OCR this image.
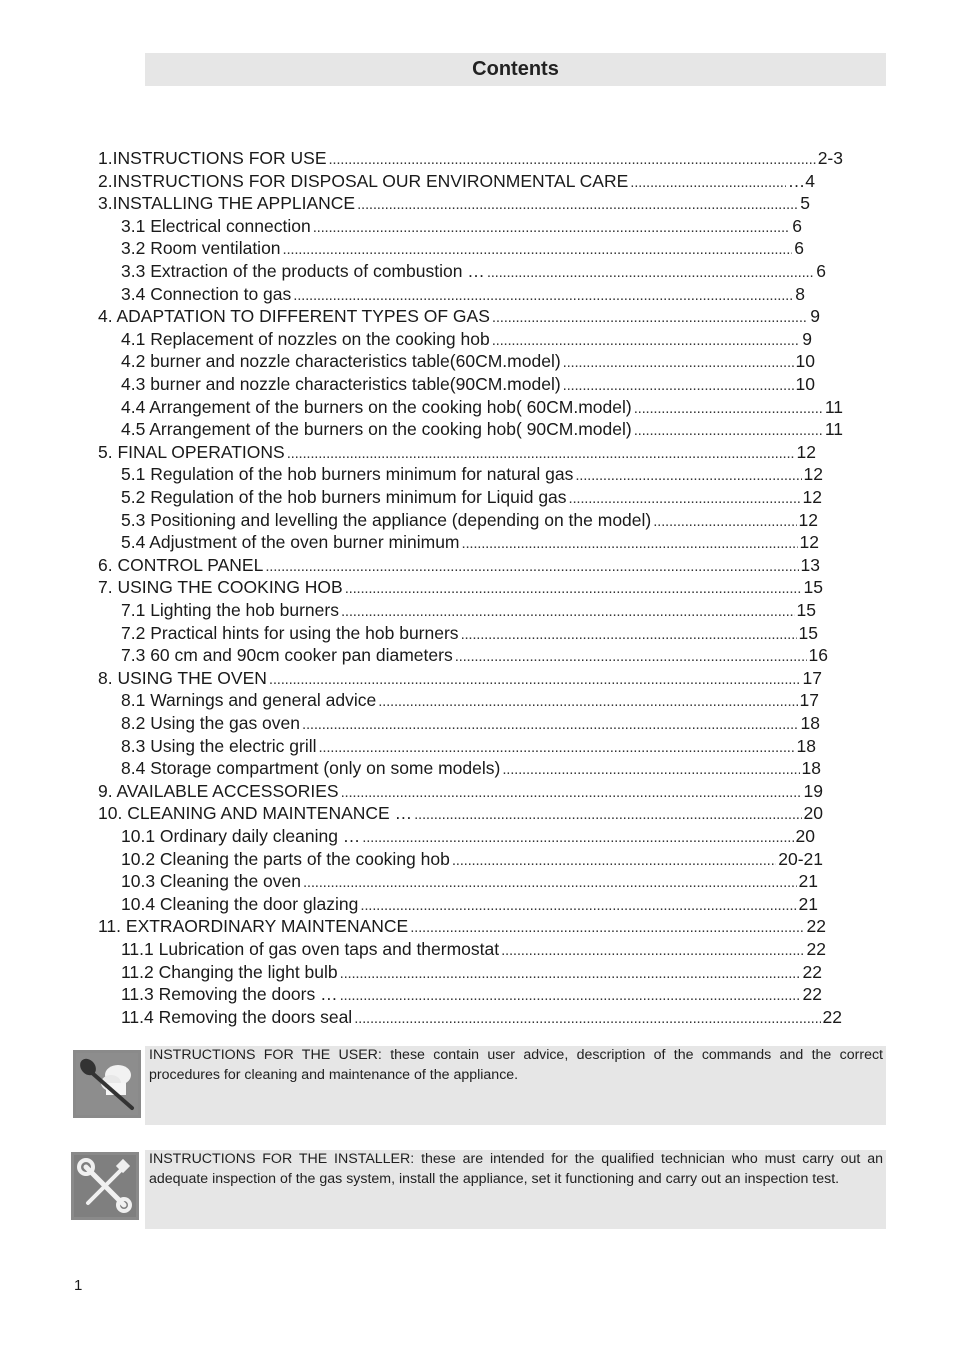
Contents
1.INSTRUCTIONS FOR USE . . .	2-3
2.INSTRUCTIONS FOR DISPOSAL OUR ENVIRONMENTAL CARE . . .	…4
3.INSTALLING THE APPLIANCE . . .	5
3.1 Electrical connection . . .	6
3.2 Room ventilation . . .	6
3.3 Extraction of the products of combustion … . . .	6
3.4 Connection to gas . . .	8
4. ADAPTATION TO DIFFERENT TYPES OF GAS . . .	9
4.1 Replacement of nozzles on the cooking hob . . .	9
4.2 burner and nozzle characteristics table(60CM.model) . . .	10
4.3 burner and nozzle characteristics table(90CM.model) . . .	10
4.4 Arrangement of the burners on the cooking hob( 60CM.model) . . .	11
4.5 Arrangement of the burners on the cooking hob( 90CM.model) . . .	11
5. FINAL OPERATIONS . . .	12
5.1 Regulation of the hob burners minimum for natural gas . . .	12
5.2 Regulation of the hob burners minimum for Liquid gas . . .	12
5.3 Positioning and levelling the appliance (depending on the model) . . .	12
5.4 Adjustment of the oven burner minimum . . .	12
6. CONTROL PANEL . . .	13
7. USING THE COOKING HOB . . .	15
7.1 Lighting the hob burners . . .	15
7.2 Practical hints for using the hob burners . . .	15
7.3 60 cm and 90cm cooker pan diameters . . .	16
8. USING THE OVEN . . .	17
8.1 Warnings and general advice . . .	17
8.2 Using the gas oven . . .	18
8.3 Using the electric grill . . .	18
8.4 Storage compartment (only on some models) . . .	18
9. AVAILABLE ACCESSORIES . . .	19
10. CLEANING AND MAINTENANCE … . . .	20
10.1 Ordinary daily cleaning … . . .	20
10.2 Cleaning the parts of the cooking hob . . .	20-21
10.3 Cleaning the oven . . .	21
10.4 Cleaning the door glazing . . .	21
11. EXTRAORDINARY MAINTENANCE . . .	22
11.1 Lubrication of gas oven taps and thermostat . . .	22
11.2 Changing the light bulb . . .	22
11.3 Removing the doors … . . .	22
11.4 Removing the doors seal . . .	22
INSTRUCTIONS FOR THE USER: these contain user advice, description of the commands and the correct procedures for cleaning and maintenance of the appliance.
INSTRUCTIONS FOR THE INSTALLER: these are intended for the qualified technician who must carry out an adequate inspection of the gas system, install the appliance, set it functioning and carry out an inspection test.
1
